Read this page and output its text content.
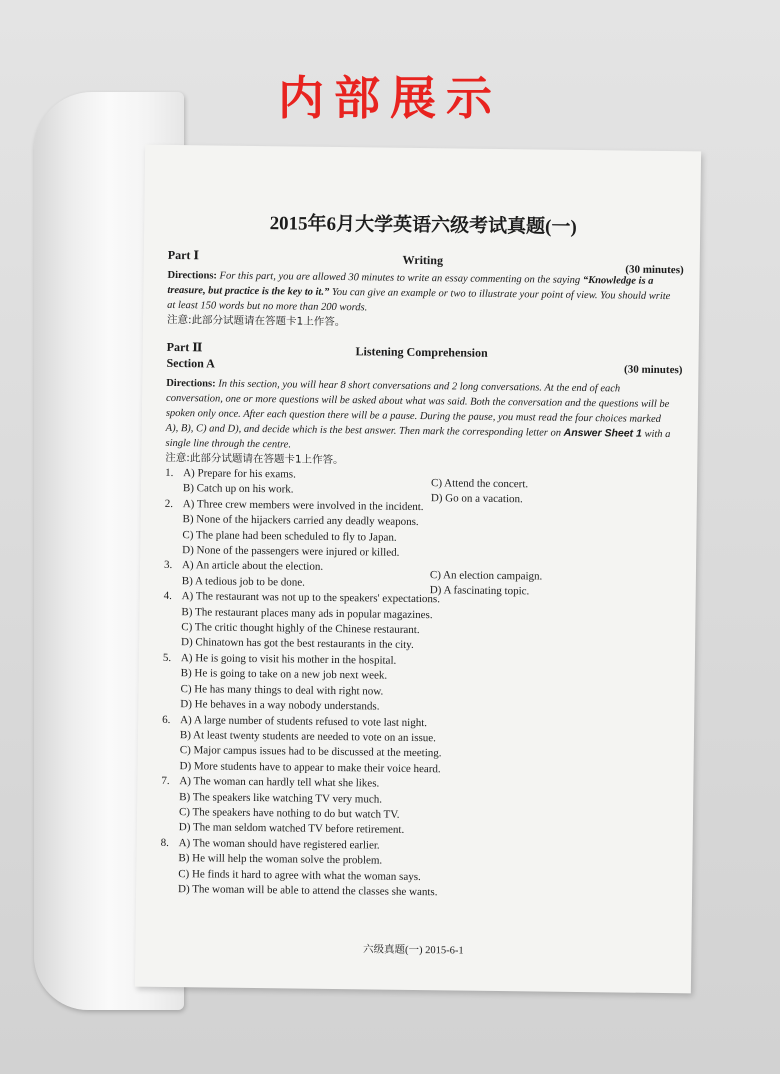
内部展示
2015年6月大学英语六级考试真题(一)
Part Ⅰ	Writing
(30 minutes)

Directions: For this part, you are allowed 30 minutes to write an essay commenting on the saying “Knowledge is a treasure, but practice is the key to it.” You can give an example or two to illustrate your point of view. You should write at least 150 words but no more than 200 words.

注意:此部分试题请在答题卡1上作答。
Part Ⅱ	Listening Comprehension
Section A	(30 minutes)

Directions: In this section, you will hear 8 short conversations and 2 long conversations. At the end of each conversation, one or more questions will be asked about what was said. Both the conversation and the questions will be spoken only once. After each question there will be a pause. During the pause, you must read the four choices marked A), B), C) and D), and decide which is the best answer. Then mark the corresponding letter on Answer Sheet 1 with a single line through the centre.

注意:此部分试题请在答题卡1上作答。
1. A) Prepare for his exams.
B) Catch up on his work.	C) Attend the concert.
D) Go on a vacation.
2. A) Three crew members were involved in the incident.
B) None of the hijackers carried any deadly weapons.
C) The plane had been scheduled to fly to Japan.
D) None of the passengers were injured or killed.
3. A) An article about the election.
B) A tedious job to be done.	C) An election campaign.
D) A fascinating topic.
4. A) The restaurant was not up to the speakers' expectations.
B) The restaurant places many ads in popular magazines.
C) The critic thought highly of the Chinese restaurant.
D) Chinatown has got the best restaurants in the city.
5. A) He is going to visit his mother in the hospital.
B) He is going to take on a new job next week.
C) He has many things to deal with right now.
D) He behaves in a way nobody understands.
6. A) A large number of students refused to vote last night.
B) At least twenty students are needed to vote on an issue.
C) Major campus issues had to be discussed at the meeting.
D) More students have to appear to make their voice heard.
7. A) The woman can hardly tell what she likes.
B) The speakers like watching TV very much.
C) The speakers have nothing to do but watch TV.
D) The man seldom watched TV before retirement.
8. A) The woman should have registered earlier.
B) He will help the woman solve the problem.
C) He finds it hard to agree with what the woman says.
D) The woman will be able to attend the classes she wants.
六级真题(一) 2015-6-1
